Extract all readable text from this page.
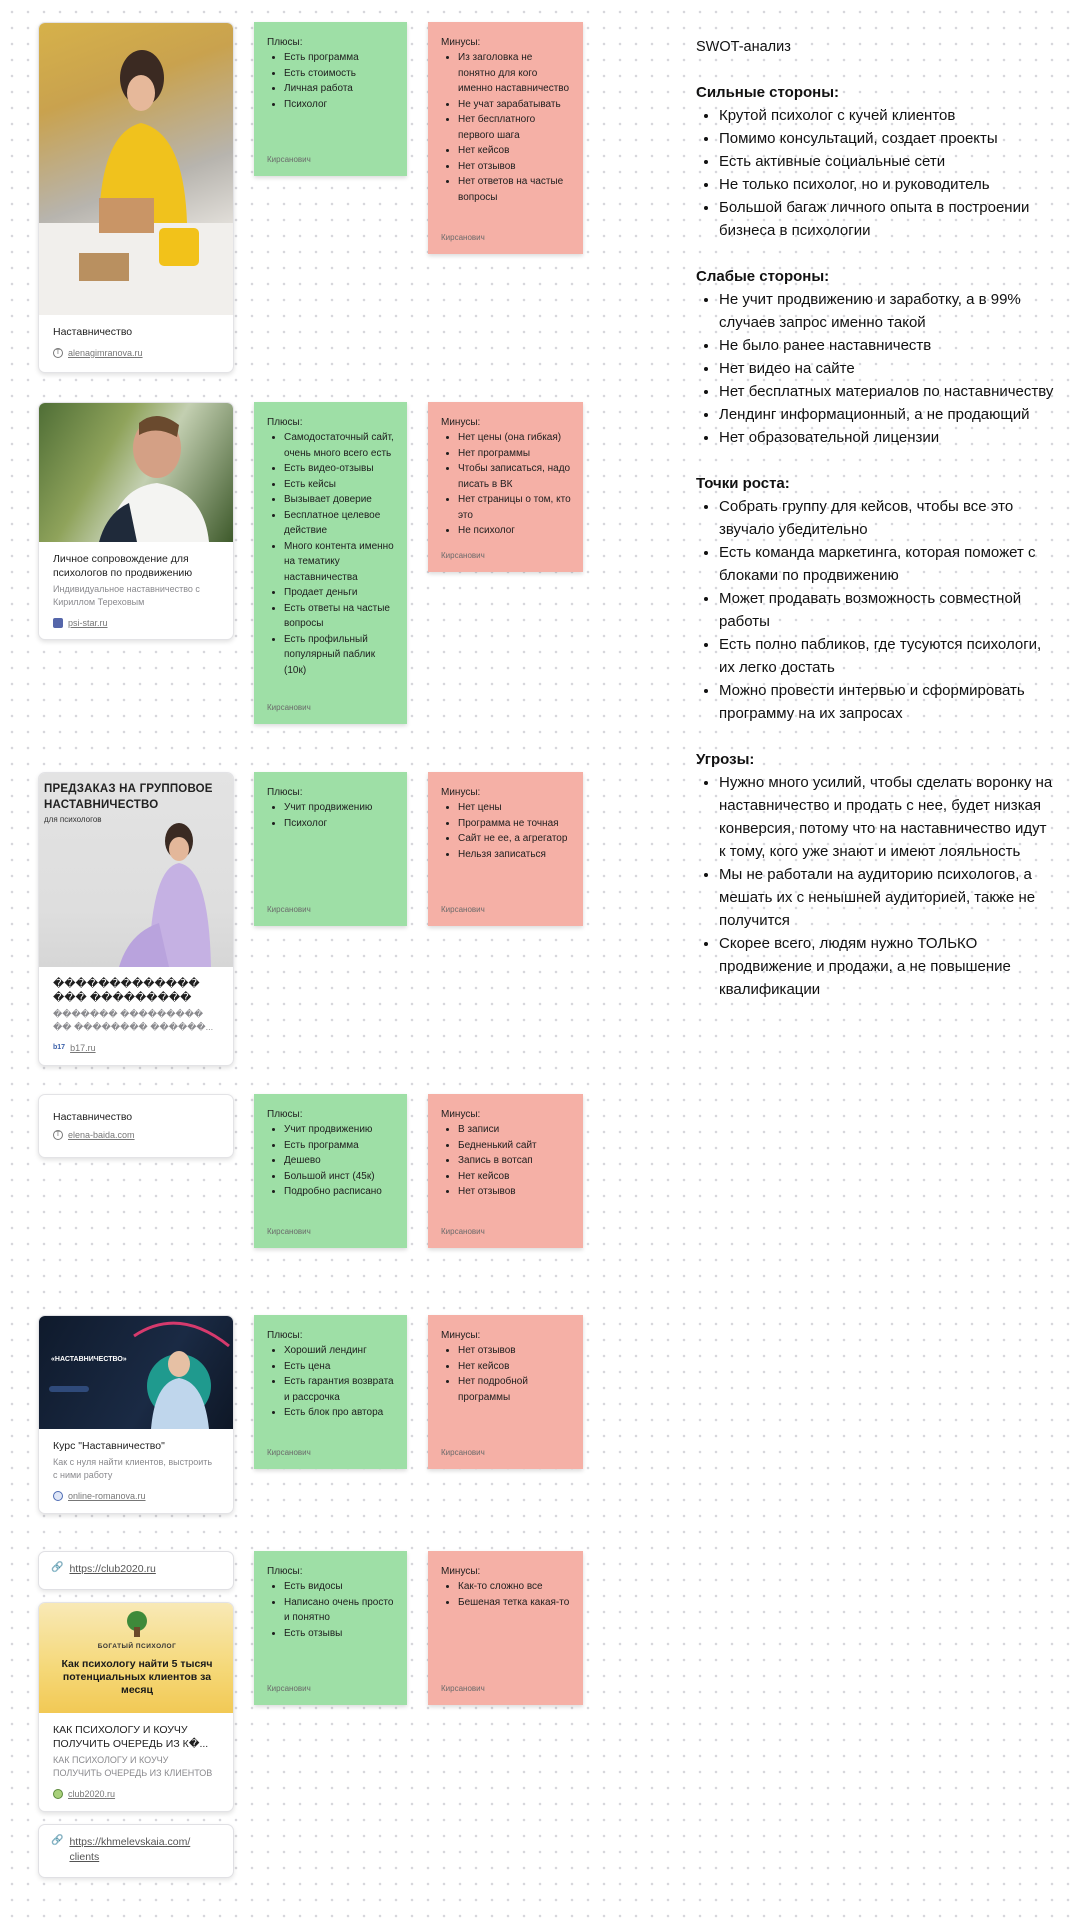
Наставничество
Т alenagimranova.ru
Плюсы:
• Есть программа
• Есть стоимость
• Личная работа
• Психолог
Кирсанович
Минусы:
• Из заголовка не понятно для кого именно наставничество
• Не учат зарабатывать
• Нет бесплатного первого шага
• Нет кейсов
• Нет отзывов
• Нет ответов на частые вопросы
Кирсанович
Личное сопровождение для психологов по продвижению
Индивидуальное наставничество с Кириллом Тереховым
psi-star.ru
Плюсы:
• Самодостаточный сайт, очень много всего есть
• Есть видео-отзывы
• Есть кейсы
• Вызывает доверие
• Бесплатное целевое действие
• Много контента именно на тематику наставничества
• Продает деньги
• Есть ответы на частые вопросы
• Есть профильный популярный паблик (10к)
Кирсанович
Минусы:
• Нет цены (она гибкая)
• Нет программы
• Чтобы записаться, надо писать в ВК
• Нет страницы о том, кто это
• Не психолог
Кирсанович
ПРЕДЗАКАЗ НА ГРУППОВОЕ НАСТАВНИЧЕСТВО
для психологов
������������� ��� ���������
������� ��������� �� �������� ������...
b17 b17.ru
Плюсы:
• Учит продвижению
• Психолог
Кирсанович
Минусы:
• Нет цены
• Программа не точная
• Сайт не ее, а агрегатор
• Нельзя записаться
Кирсанович
Наставничество
Т elena-baida.com
Плюсы:
• Учит продвижению
• Есть программа
• Дешево
• Большой инст (45к)
• Подробно расписано
Кирсанович
Минусы:
• В записи
• Бедненький сайт
• Запись в вотсап
• Нет кейсов
• Нет отзывов
Кирсанович
«НАСТАВНИЧЕСТВО»
Курс "Наставничество"
Как с нуля найти клиентов, выстроить с ними работу
online-romanova.ru
Плюсы:
• Хороший лендинг
• Есть цена
• Есть гарантия возврата и рассрочка
• Есть блок про автора
Кирсанович
Минусы:
• Нет отзывов
• Нет кейсов
• Нет подробной программы
Кирсанович
🔗 https://club2020.ru
БОГАТЫЙ ПСИХОЛОГ
Как психологу найти 5 тысяч потенциальных клиентов за месяц
КАК ПСИХОЛОГУ И КОУЧУ ПОЛУЧИТЬ ОЧЕРЕДЬ ИЗ К�...
КАК ПСИХОЛОГУ И КОУЧУ ПОЛУЧИТЬ ОЧЕРЕДЬ ИЗ КЛИЕНТОВ
club2020.ru
🔗 https://khmelevskaia.com/ clients
Плюсы:
• Есть видосы
• Написано очень просто и понятно
• Есть отзывы
Кирсанович
Минусы:
• Как-то сложно все
• Бешеная тетка какая-то
Кирсанович
SWOT-анализ
Сильные стороны:
• Крутой психолог с кучей клиентов
• Помимо консультаций, создает проекты
• Есть активные социальные сети
• Не только психолог, но и руководитель
• Большой багаж личного опыта в построении бизнеса в психологии
Слабые стороны:
• Не учит продвижению и заработку, а в 99% случаев запрос именно такой
• Не было ранее наставничеств
• Нет видео на сайте
• Нет бесплатных материалов по наставничеству
• Лендинг информационный, а не продающий
• Нет образовательной лицензии
Точки роста:
• Собрать группу для кейсов, чтобы все это звучало убедительно
• Есть команда маркетинга, которая поможет с блоками по продвижению
• Может продавать возможность совместной работы
• Есть полно пабликов, где тусуются психологи, их легко достать
• Можно провести интервью и сформировать программу на их запросах
Угрозы:
• Нужно много усилий, чтобы сделать воронку на наставничество и продать с нее, будет низкая конверсия, потому что на наставничество идут к тому, кого уже знают и имеют лояльность
• Мы не работали на аудиторию психологов, а мешать их с ненышней аудиторией, также не получится
• Скорее всего, людям нужно ТОЛЬКО продвижение и продажи, а не повышение квалификации
